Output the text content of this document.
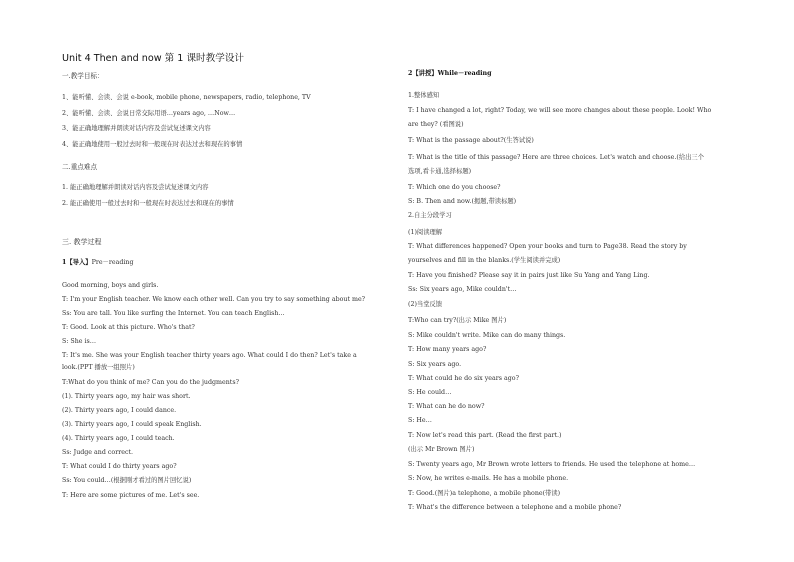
Unit 4 Then and now 第 1 课时教学设计
一.教学目标：
1、能听懂、会读、会说 e-book, mobile phone, newspapers, radio, telephone, TV
2、能听懂、会读、会说日常交际用语…years ago, …Now…
3、能正确地理解并朗读对话内容及尝试复述课文内容
4、能正确地使用一般过去时和一般现在时表达过去和现在的事情
二.重点难点
1. 能正确地理解并朗读对话内容及尝试复述课文内容
2. 能正确使用一般过去时和一般现在时表达过去和现在的事情
三. 教学过程
1【导入】Pre－reading
Good morning, boys and girls.
T: I'm your English teacher. We know each other well. Can you try to say something about me?
Ss: You are tall. You like surfing the Internet. You can teach English…
T: Good. Look at this picture. Who's that?
S: She is…
T: It's me. She was your English teacher thirty years ago. What could I do then? Let's take a
look.(PPT 播放一组照片)
T:What do you think of me? Can you do the judgments?
(1). Thirty years ago, my hair was short.
(2). Thirty years ago, I could dance.
(3). Thirty years ago, I could speak English.
(4). Thirty years ago, I could teach.
Ss: Judge and correct.
T: What could I do thirty years ago?
Ss: You could…(根据刚才看过的图片回忆说)
T: Here are some pictures of me. Let's see.
2【讲授】While－reading
1.整体感知
T: I have changed a lot, right? Today, we will see more changes about these people. Look! Who
are they? (看图说)
T: What is the passage about?(生答试说)
T: What is the title of this passage? Here are three choices. Let's watch and choose.(给出三个
选项,看卡通,选择标题)
T: Which one do you choose?
S: B. Then and now.(揭题,带读标题)
2.自主分段学习
(1)阅读理解
T: What differences happened? Open your books and turn to Page38. Read the story by
yourselves and fill in the blanks.(学生阅读并完成)
T: Have you finished? Please say it in pairs just like Su Yang and Yang Ling.
Ss: Six years ago, Mike couldn't…
(2)当堂反馈
T:Who can try?(出示 Mike 图片)
S: Mike couldn't write. Mike can do many things.
T: How many years ago?
S: Six years ago.
T: What could he do six years ago?
S: He could…
T: What can he do now?
S: He…
T: Now let's read this part. (Read the first part.)
(出示 Mr Brown 图片)
S: Twenty years ago, Mr Brown wrote letters to friends. He used the telephone at home…
S: Now, he writes e-mails. He has a mobile phone.
T: Good.(图片)a telephone, a mobile phone(带读)
T: What's the difference between a telephone and a mobile phone?
